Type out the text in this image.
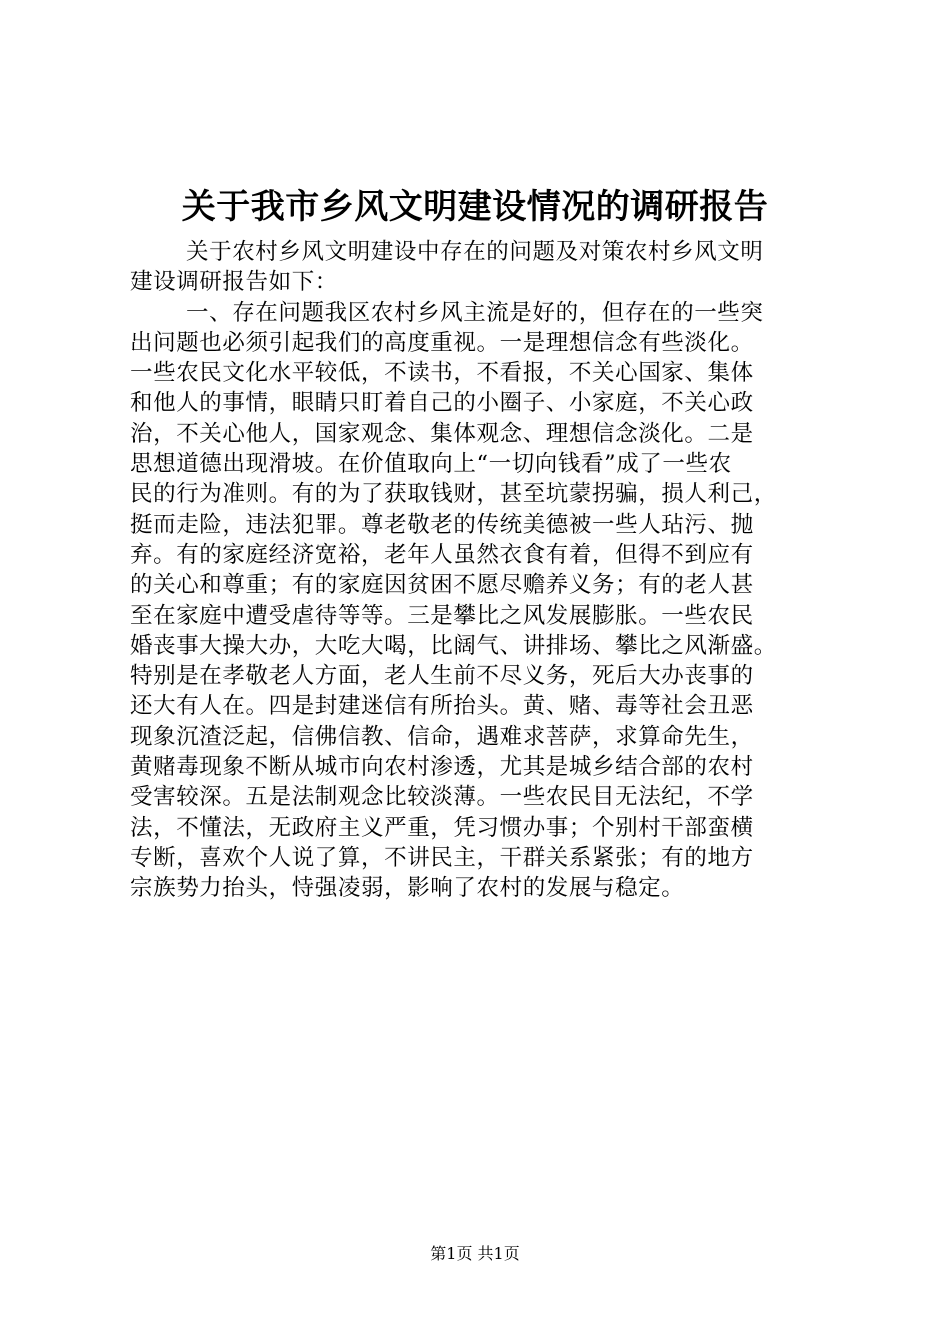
关于我市乡风文明建设情况的调研报告
关于农村乡风文明建设中存在的问题及对策农村乡风文明
建设调研报告如下：
一、存在问题我区农村乡风主流是好的，但存在的一些突
出问题也必须引起我们的高度重视。一是理想信念有些淡化。
一些农民文化水平较低，不读书，不看报，不关心国家、集体
和他人的事情，眼睛只盯着自己的小圈子、小家庭，不关心政
治，不关心他人，国家观念、集体观念、理想信念淡化。二是
思想道德出现滑坡。在价值取向上“一切向钱看”成了一些农
民的行为准则。有的为了获取钱财，甚至坑蒙拐骗，损人利己，
挺而走险，违法犯罪。尊老敬老的传统美德被一些人玷污、抛
弃。有的家庭经济宽裕，老年人虽然衣食有着，但得不到应有
的关心和尊重；有的家庭因贫困不愿尽赡养义务；有的老人甚
至在家庭中遭受虐待等等。三是攀比之风发展膨胀。一些农民
婚丧事大操大办，大吃大喝，比阔气、讲排场、攀比之风渐盛。
特别是在孝敬老人方面，老人生前不尽义务，死后大办丧事的
还大有人在。四是封建迷信有所抬头。黄、赌、毒等社会丑恶
现象沉渣泛起，信佛信教、信命，遇难求菩萨，求算命先生，
黄赌毒现象不断从城市向农村渗透，尤其是城乡结合部的农村
受害较深。五是法制观念比较淡薄。一些农民目无法纪，不学
法，不懂法，无政府主义严重，凭习惯办事；个别村干部蛮横
专断，喜欢个人说了算，不讲民主，干群关系紧张；有的地方
宗族势力抬头，恃强凌弱，影响了农村的发展与稳定。
第1页 共1页
